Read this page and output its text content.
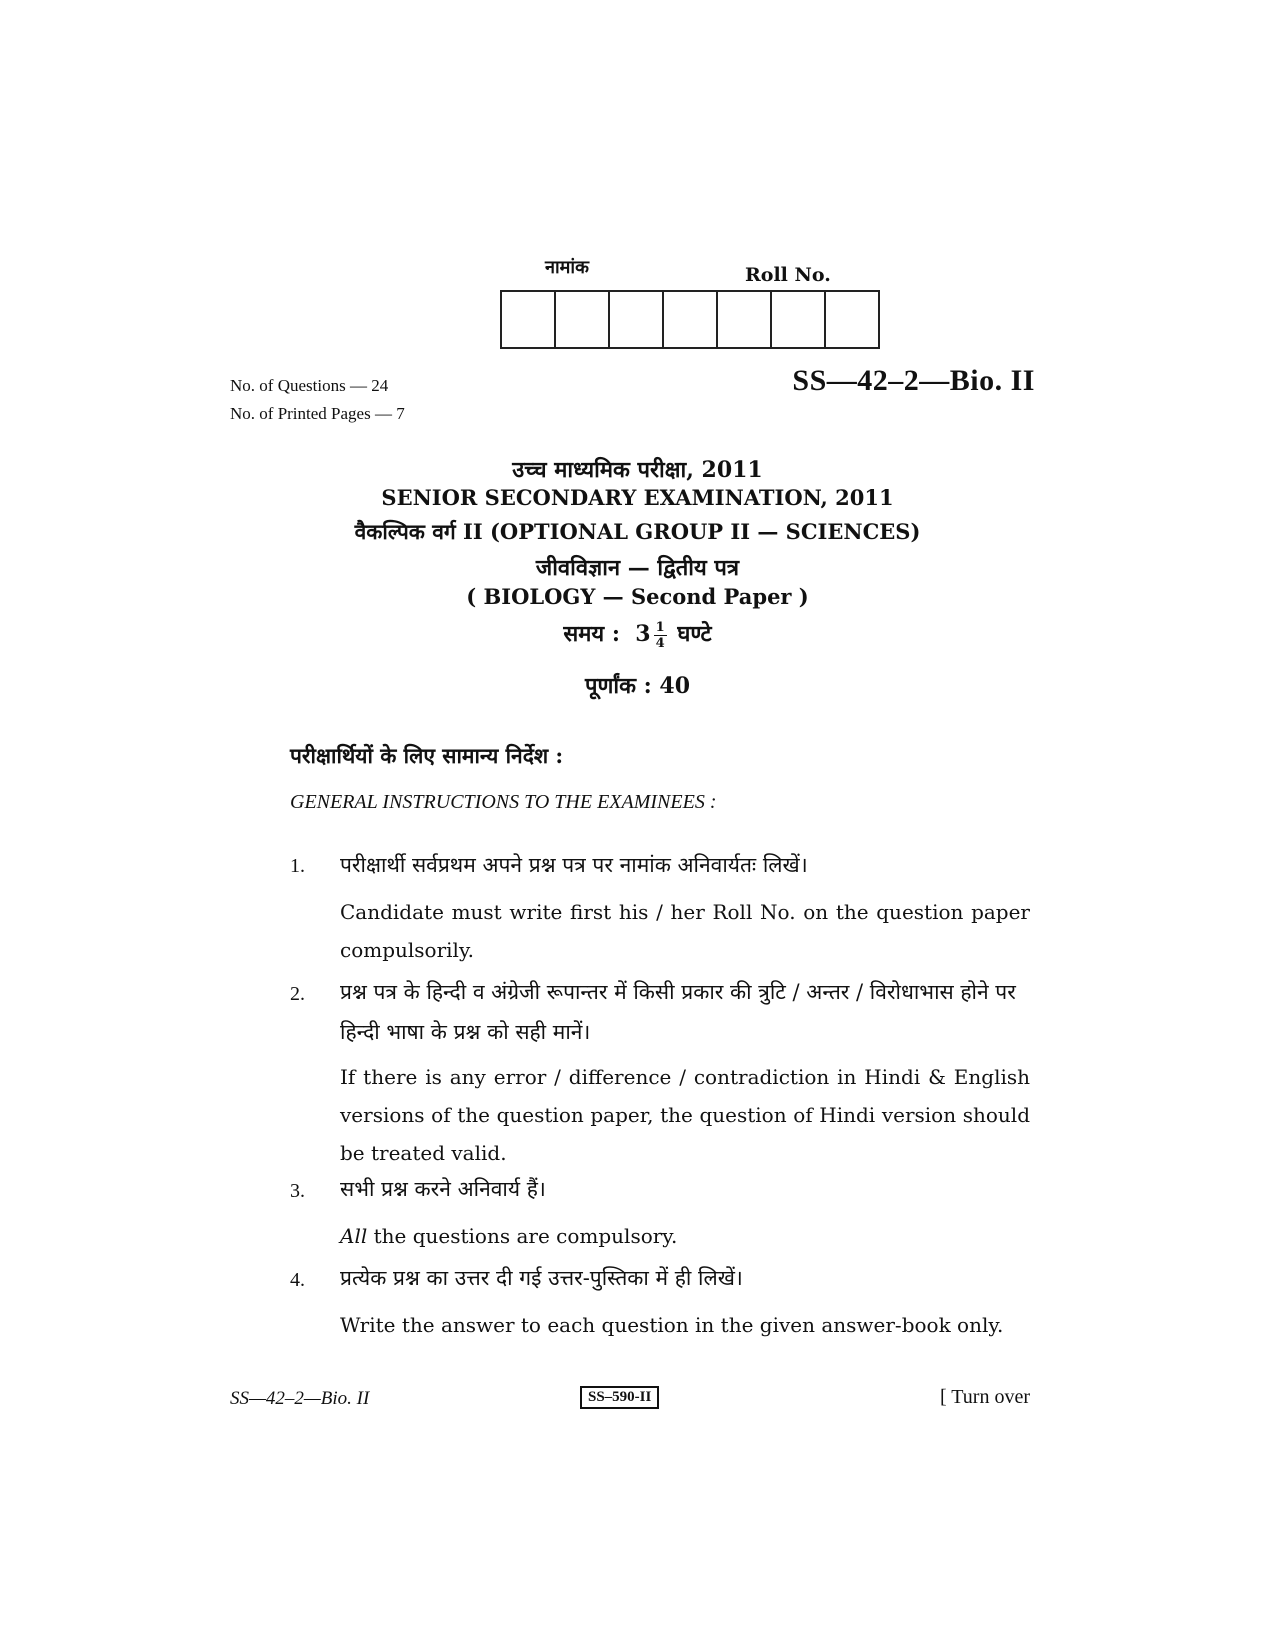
नामांक	Roll No.
No. of Questions — 24
No. of Printed Pages — 7
SS—42–2—Bio. II
उच्च माध्यमिक परीक्षा, 2011
SENIOR SECONDARY EXAMINATION, 2011
वैकल्पिक वर्ग II (OPTIONAL GROUP II — SCIENCES)
जीवविज्ञान — द्वितीय पत्र
( BIOLOGY — Second Paper )
समय : $3 \frac{1}{4}$ घण्टे
पूर्णांक : 40
परीक्षार्थियों के लिए सामान्य निर्देश :
GENERAL INSTRUCTIONS TO THE EXAMINEES :
1. परीक्षार्थी सर्वप्रथम अपने प्रश्न पत्र पर नामांक अनिवार्यतः लिखें।
Candidate must write first his / her Roll No. on the question paper compulsorily.
2. प्रश्न पत्र के हिन्दी व अंग्रेजी रूपान्तर में किसी प्रकार की त्रुटि / अन्तर / विरोधाभास होने पर हिन्दी भाषा के प्रश्न को सही मानें।
If there is any error / difference / contradiction in Hindi & English versions of the question paper, the question of Hindi version should be treated valid.
3. सभी प्रश्न करने अनिवार्य हैं।
All the questions are compulsory.
4. प्रत्येक प्रश्न का उत्तर दी गई उत्तर-पुस्तिका में ही लिखें।
Write the answer to each question in the given answer-book only.
SS—42–2—Bio. II	SS–590-II	[ Turn over
